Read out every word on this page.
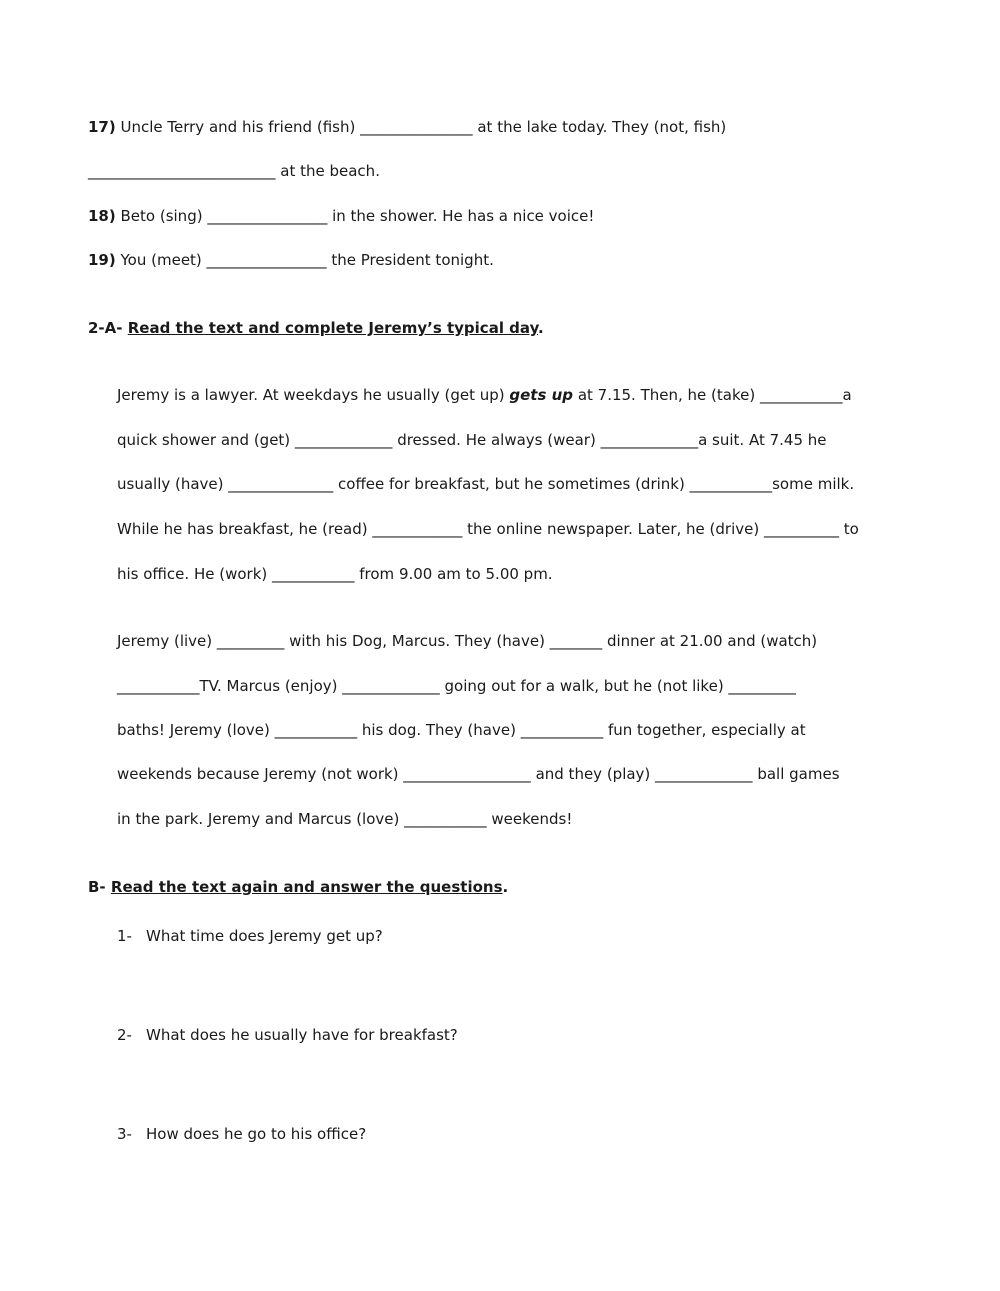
17) Uncle Terry and his friend (fish) _______________ at the lake today. They (not, fish)
_________________________ at the beach.
18) Beto (sing) ________________ in the shower. He has a nice voice!
19) You (meet) ________________ the President tonight.
2-A- Read the text and complete Jeremy’s typical day.
Jeremy is a lawyer. At weekdays he usually (get up) gets up at 7.15. Then, he (take) ___________a
quick shower and (get) _____________ dressed. He always (wear) _____________a suit. At 7.45 he
usually (have) ______________ coffee for breakfast, but he sometimes (drink) ___________some milk.
While he has breakfast, he (read) ____________ the online newspaper. Later, he (drive) __________ to
his office. He (work) ___________ from 9.00 am to 5.00 pm.
Jeremy (live) _________ with his Dog, Marcus. They (have) _______ dinner at 21.00 and (watch)
___________TV. Marcus (enjoy) _____________ going out for a walk, but he (not like) _________
baths! Jeremy (love) ___________ his dog. They (have) ___________ fun together, especially at
weekends because Jeremy (not work) _________________ and they (play) _____________ ball games
in the park. Jeremy and Marcus (love) ___________ weekends!
B- Read the text again and answer the questions.
1- What time does Jeremy get up?
2- What does he usually have for breakfast?
3- How does he go to his office?
